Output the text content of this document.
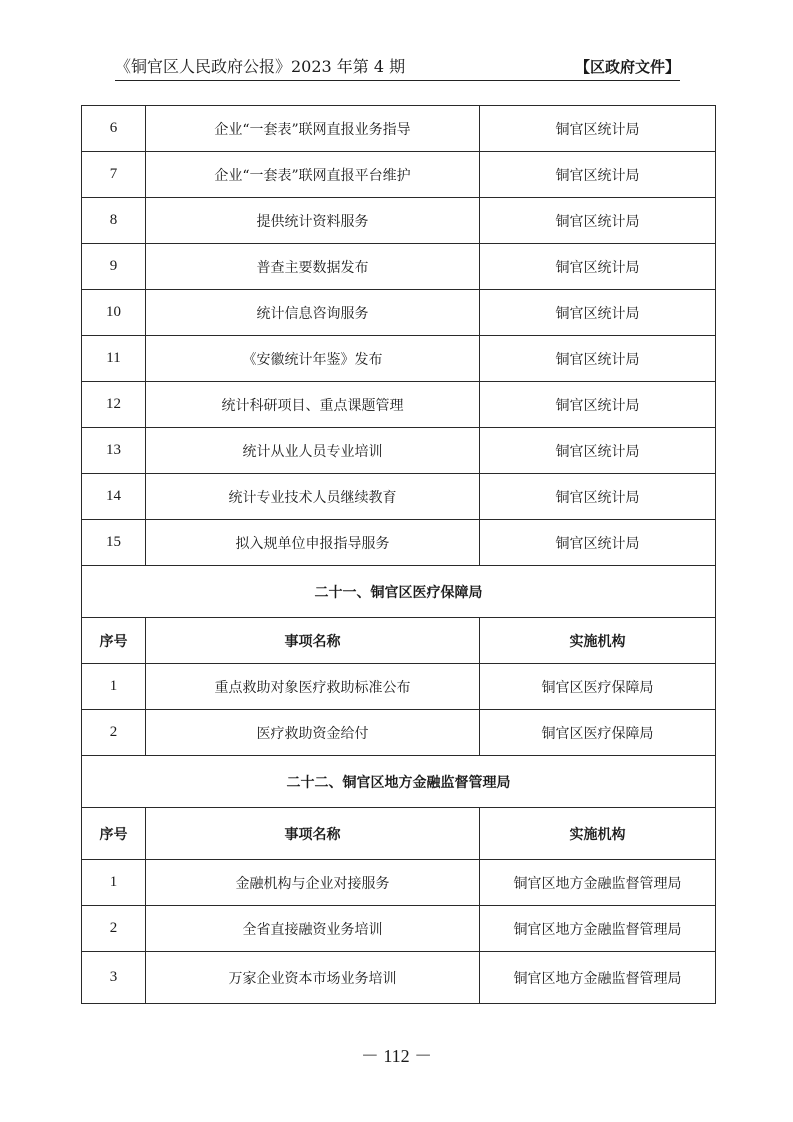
《铜官区人民政府公报》2023 年第 4 期	【区政府文件】
6	企业“一套表”联网直报业务指导	铜官区统计局
7	企业“一套表”联网直报平台维护	铜官区统计局
8	提供统计资料服务	铜官区统计局
9	普查主要数据发布	铜官区统计局
10	统计信息咨询服务	铜官区统计局
11	《安徽统计年鉴》发布	铜官区统计局
12	统计科研项目、重点课题管理	铜官区统计局
13	统计从业人员专业培训	铜官区统计局
14	统计专业技术人员继续教育	铜官区统计局
15	拟入规单位申报指导服务	铜官区统计局
二十一、铜官区医疗保障局		
序号	事项名称	实施机构
1	重点救助对象医疗救助标准公布	铜官区医疗保障局
2	医疗救助资金给付	铜官区医疗保障局
二十二、铜官区地方金融监督管理局		
序号	事项名称	实施机构
1	金融机构与企业对接服务	铜官区地方金融监督管理局
2	全省直接融资业务培训	铜官区地方金融监督管理局
3	万家企业资本市场业务培训	铜官区地方金融监督管理局
－ 112 －
